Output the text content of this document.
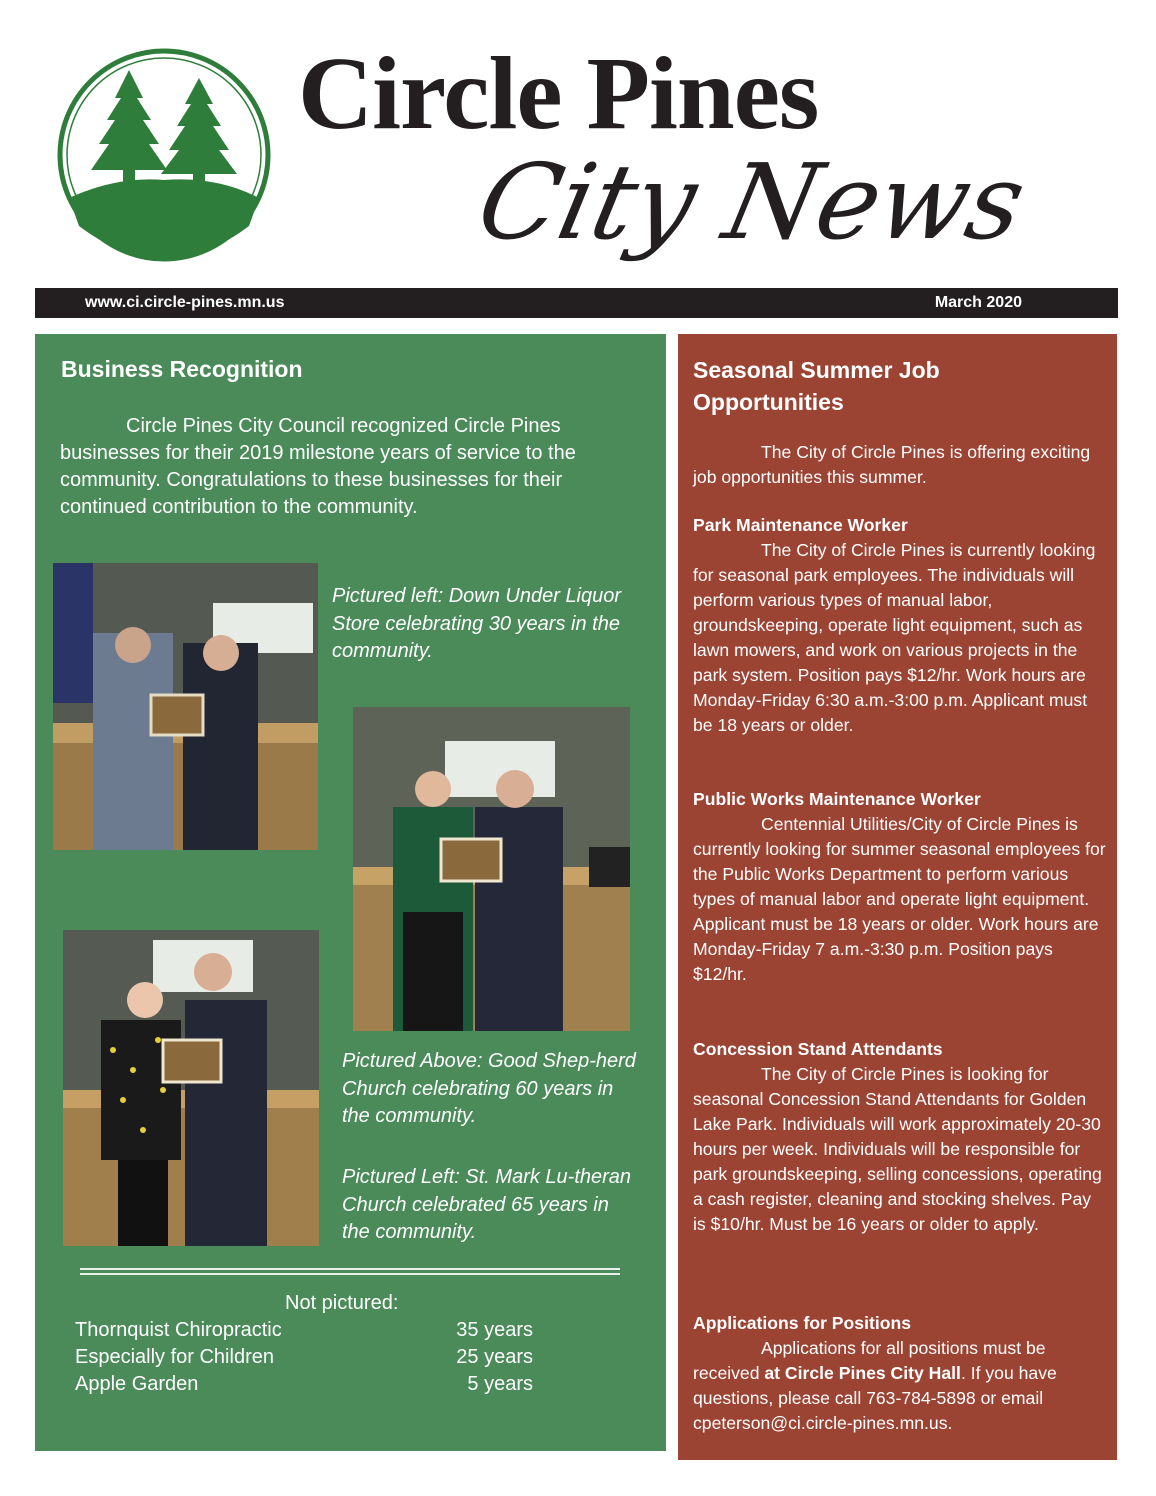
Circle Pines
City News
www.ci.circle-pines.mn.us	March 2020
Business Recognition

Circle Pines City Council recognized Circle Pines businesses for their 2019 milestone years of service to the community. Congratulations to these businesses for their continued contribution to the community.

Pictured left: Down Under Liquor Store celebrating 30 years in the community.

Pictured Above: Good Shep-herd Church celebrating 60 years in the community.

Pictured Left: St. Mark Lu-theran Church celebrated 65 years in the community.

Not pictured:
Thornquist Chiropractic	35 years
Especially for Children	25 years
Apple Garden	5 years
Seasonal Summer Job Opportunities

The City of Circle Pines is offering exciting job opportunities this summer.

Park Maintenance Worker
The City of Circle Pines is currently looking for seasonal park employees. The individuals will perform various types of manual labor, groundskeeping, operate light equipment, such as lawn mowers, and work on various projects in the park system. Position pays $12/hr. Work hours are Monday-Friday 6:30 a.m.-3:00 p.m. Applicant must be 18 years or older.

Public Works Maintenance Worker
Centennial Utilities/City of Circle Pines is currently looking for summer seasonal employees for the Public Works Department to perform various types of manual labor and operate light equipment. Applicant must be 18 years or older. Work hours are Monday-Friday 7 a.m.-3:30 p.m. Position pays $12/hr.

Concession Stand Attendants
The City of Circle Pines is looking for seasonal Concession Stand Attendants for Golden Lake Park. Individuals will work approximately 20-30 hours per week. Individuals will be responsible for park groundskeeping, selling concessions, operating a cash register, cleaning and stocking shelves. Pay is $10/hr. Must be 16 years or older to apply.

Applications for Positions
Applications for all positions must be received at Circle Pines City Hall. If you have questions, please call 763-784-5898 or email cpeterson@ci.circle-pines.mn.us.
